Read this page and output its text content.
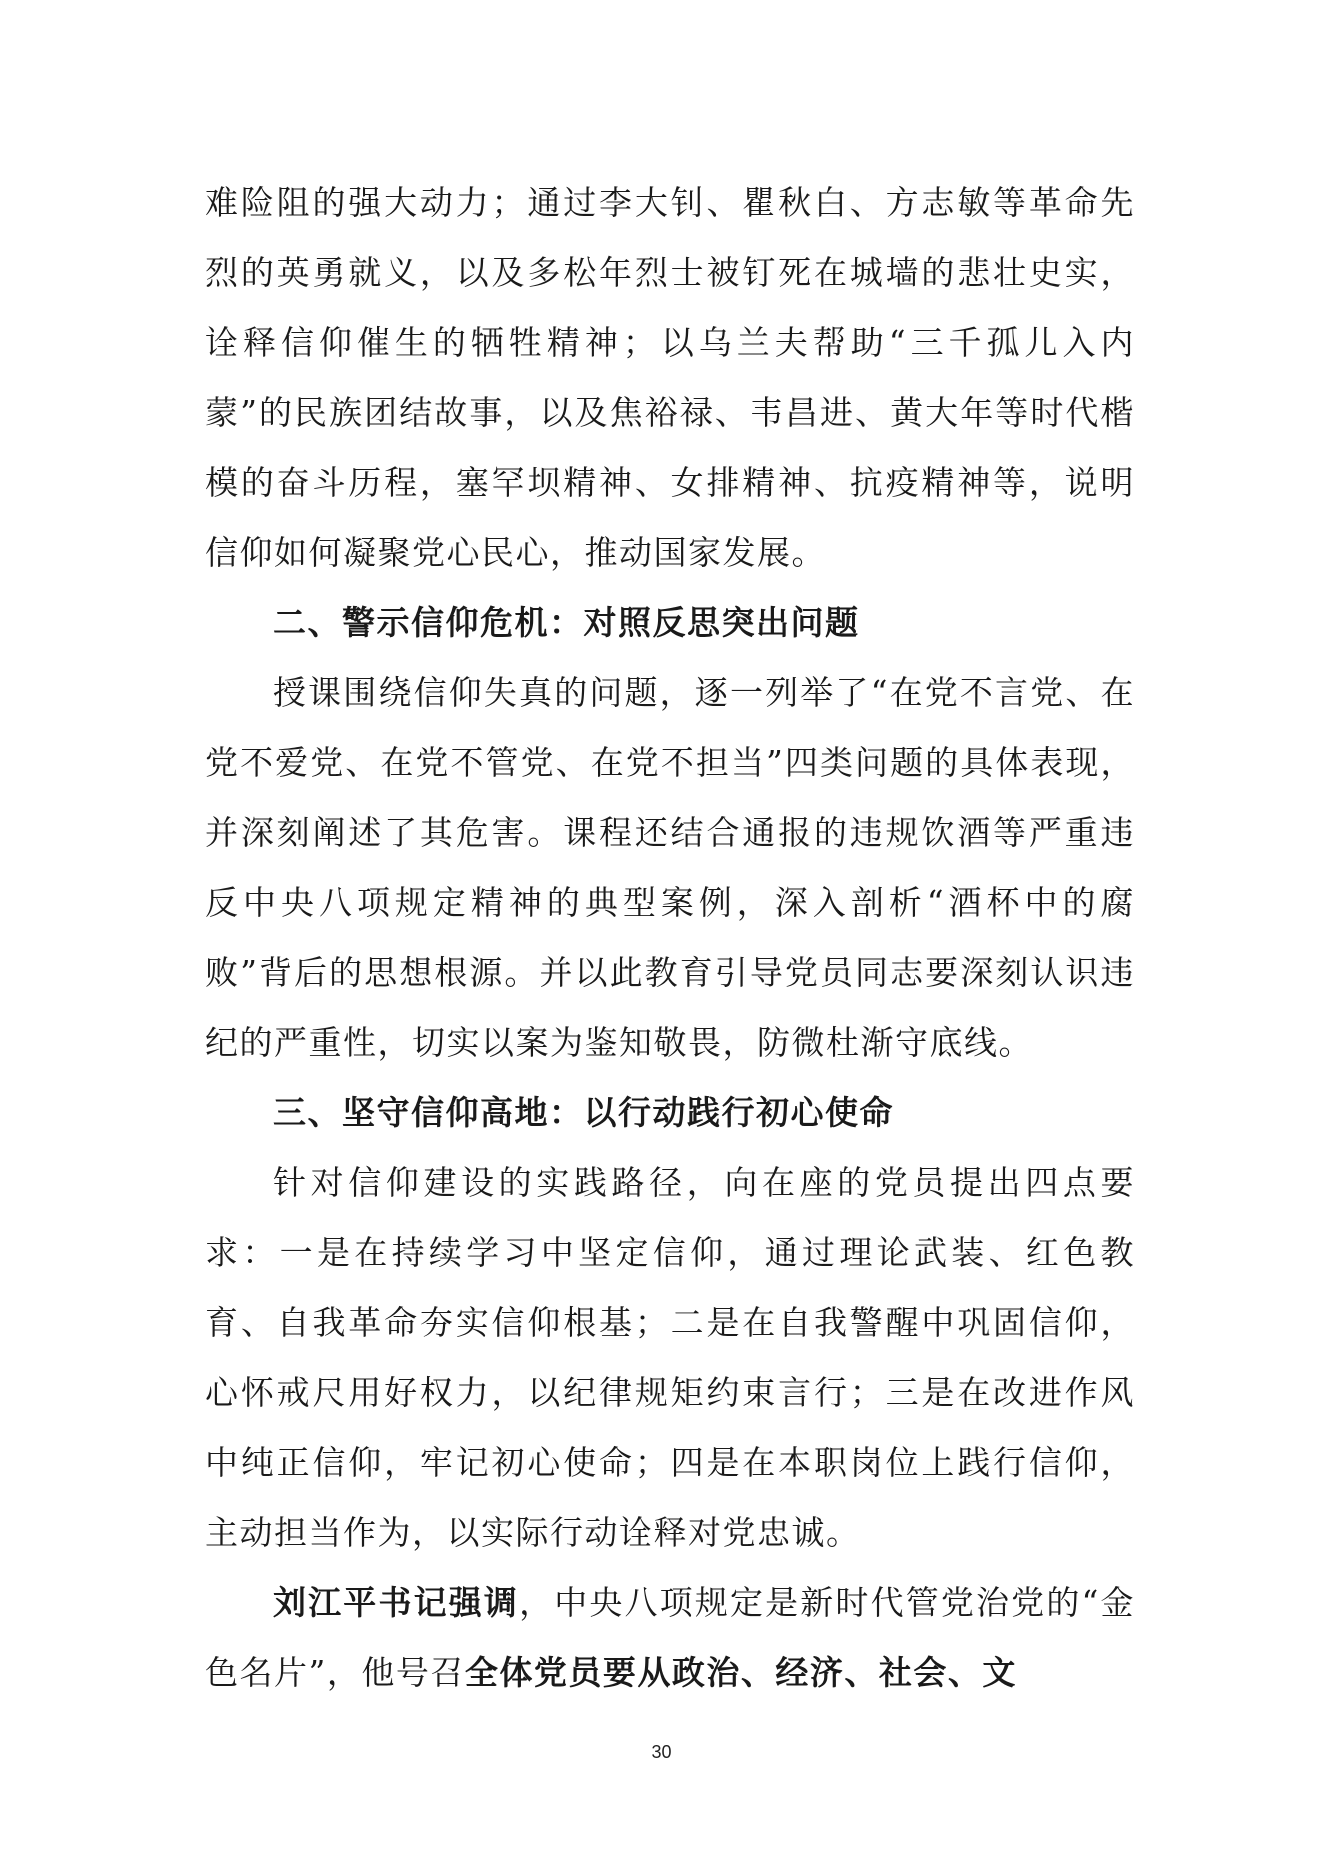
难险阻的强大动力；通过李大钊、瞿秋白、方志敏等革命先烈的英勇就义，以及多松年烈士被钉死在城墙的悲壮史实，诠释信仰催生的牺牲精神；以乌兰夫帮助“三千孤儿入内蒙”的民族团结故事，以及焦裕禄、韦昌进、黄大年等时代楷模的奋斗历程，塞罕坝精神、女排精神、抗疫精神等，说明信仰如何凝聚党心民心，推动国家发展。

二、警示信仰危机：对照反思突出问题

授课围绕信仰失真的问题，逐一列举了“在党不言党、在党不爱党、在党不管党、在党不担当”四类问题的具体表现，并深刻阐述了其危害。课程还结合通报的违规饮酒等严重违反中央八项规定精神的典型案例，深入剖析“酒杯中的腐败”背后的思想根源。并以此教育引导党员同志要深刻认识违纪的严重性，切实以案为鉴知敬畏，防微杜渐守底线。

三、坚守信仰高地：以行动践行初心使命

针对信仰建设的实践路径，向在座的党员提出四点要求：一是在持续学习中坚定信仰，通过理论武装、红色教育、自我革命夯实信仰根基；二是在自我警醒中巩固信仰，心怀戒尺用好权力，以纪律规矩约束言行；三是在改进作风中纯正信仰，牢记初心使命；四是在本职岗位上践行信仰，主动担当作为，以实际行动诠释对党忠诚。

刘江平书记强调，中央八项规定是新时代管党治党的“金色名片”，他号召全体党员要从政治、经济、社会、文

30
